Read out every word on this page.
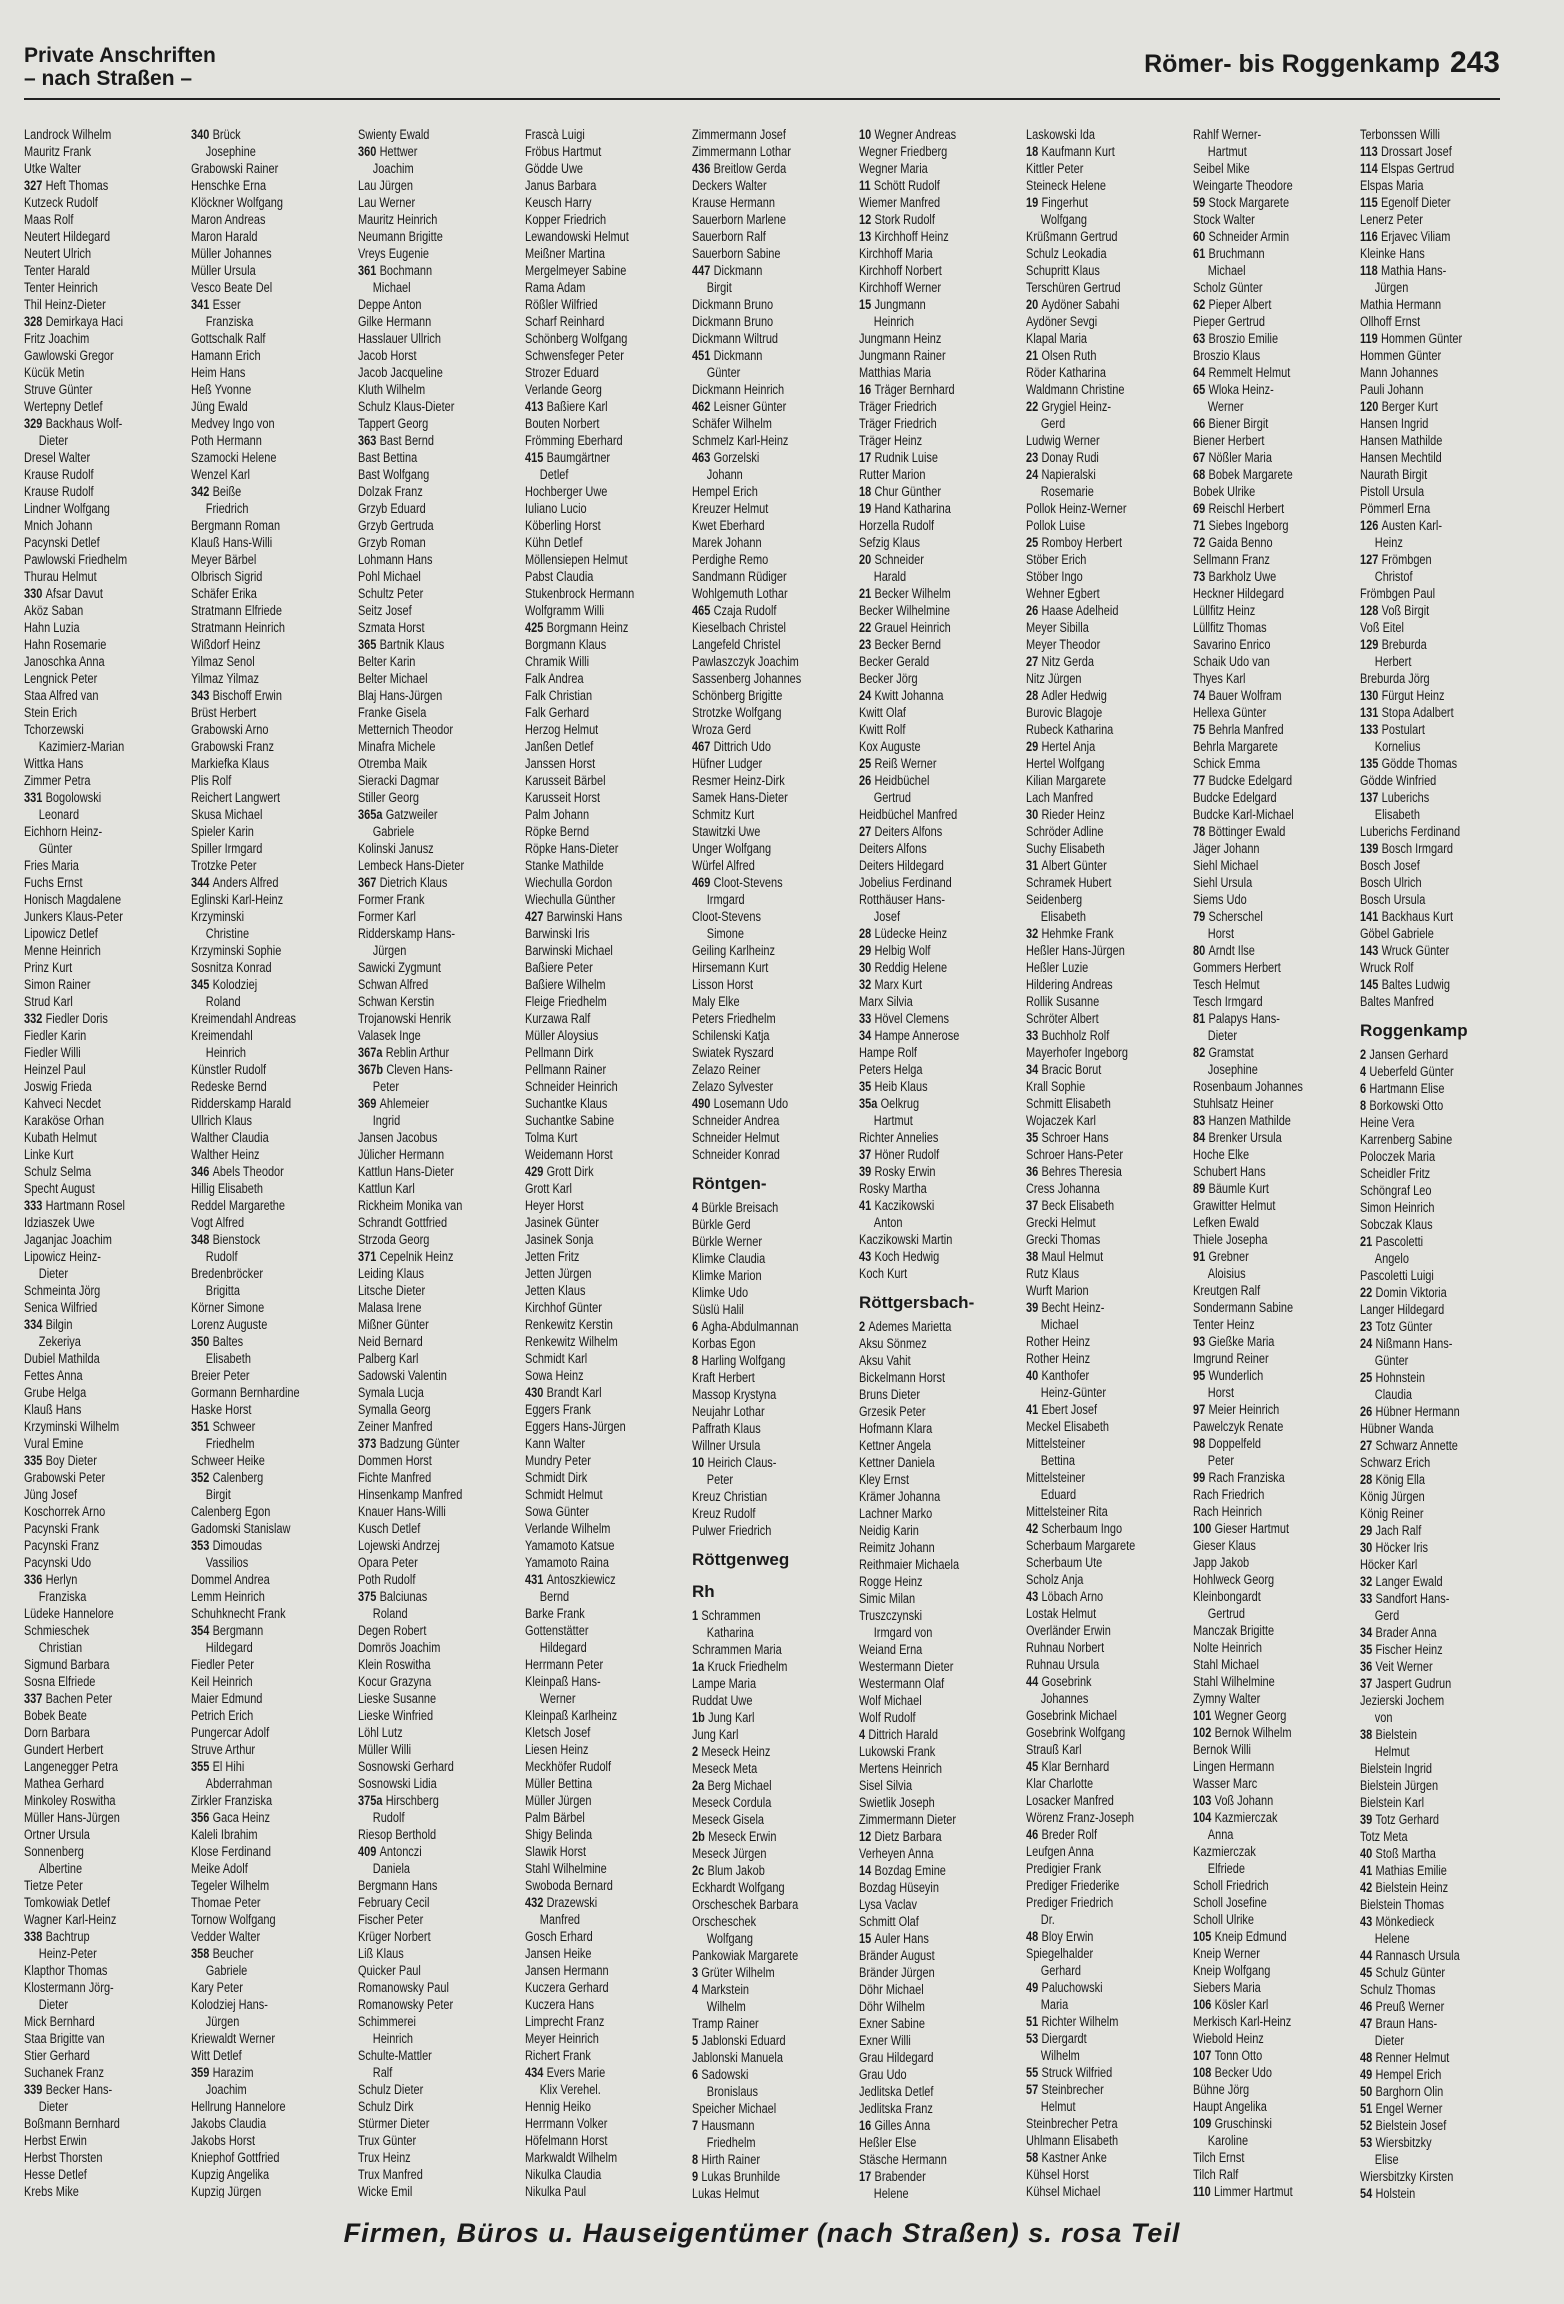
Private Anschriften
– nach Straßen –
Römer- bis Roggenkamp 243
Landrock Wilhelm
Mauritz Frank
Utke Walter
327 Heft Thomas
Kutzeck Rudolf
Maas Rolf
Neutert Hildegard
Neutert Ulrich
Tenter Harald
Tenter Heinrich
Thil Heinz-Dieter
328 Demirkaya Haci
Fritz Joachim
Gawlowski Gregor
Kücük Metin
Struve Günter
Wertepny Detlef
329 Backhaus Wolf-
Dieter
Dresel Walter
Krause Rudolf
Krause Rudolf
Lindner Wolfgang
Mnich Johann
Pacynski Detlef
Pawlowski Friedhelm
Thurau Helmut
330 Afsar Davut
Aköz Saban
Hahn Luzia
Hahn Rosemarie
Janoschka Anna
Lengnick Peter
Staa Alfred van
Stein Erich
Tchorzewski
Kazimierz-Marian
Wittka Hans
Zimmer Petra
331 Bogolowski
Leonard
Eichhorn Heinz-
Günter
Fries Maria
Fuchs Ernst
Honisch Magdalene
Junkers Klaus-Peter
Lipowicz Detlef
Menne Heinrich
Prinz Kurt
Simon Rainer
Strud Karl
332 Fiedler Doris
Fiedler Karin
Fiedler Willi
Heinzel Paul
Joswig Frieda
Kahveci Necdet
Karaköse Orhan
Kubath Helmut
Linke Kurt
Schulz Selma
Specht August
333 Hartmann Rosel
Idziaszek Uwe
Jaganjac Joachim
Lipowicz Heinz-
Dieter
Schmeinta Jörg
Senica Wilfried
334 Bilgin
Zekeriya
Dubiel Mathilda
Fettes Anna
Grube Helga
Klauß Hans
Krzyminski Wilhelm
Vural Emine
335 Boy Dieter
Grabowski Peter
Jüng Josef
Koschorrek Arno
Pacynski Frank
Pacynski Franz
Pacynski Udo
336 Herlyn
Franziska
Lüdeke Hannelore
Schmieschek
Christian
Sigmund Barbara
Sosna Elfriede
337 Bachen Peter
Bobek Beate
Dorn Barbara
Gundert Herbert
Langenegger Petra
Mathea Gerhard
Minkoley Roswitha
Müller Hans-Jürgen
Ortner Ursula
Sonnenberg
Albertine
Tietze Peter
Tomkowiak Detlef
Wagner Karl-Heinz
338 Bachtrup
Heinz-Peter
Klapthor Thomas
Klostermann Jörg-
Dieter
Mick Bernhard
Staa Brigitte van
Stier Gerhard
Suchanek Franz
339 Becker Hans-
Dieter
Boßmann Bernhard
Herbst Erwin
Herbst Thorsten
Hesse Detlef
Krebs Mike
340 Brück
Josephine
Grabowski Rainer
Henschke Erna
Klöckner Wolfgang
Maron Andreas
Maron Harald
Müller Johannes
Müller Ursula
Vesco Beate Del
341 Esser
Franziska
Gottschalk Ralf
Hamann Erich
Heim Hans
Heß Yvonne
Jüng Ewald
Medvey Ingo von
Poth Hermann
Szamocki Helene
Wenzel Karl
342 Beiße
Friedrich
Bergmann Roman
Klauß Hans-Willi
Meyer Bärbel
Olbrisch Sigrid
Schäfer Erika
Stratmann Elfriede
Stratmann Heinrich
Wißdorf Heinz
Yilmaz Senol
Yilmaz Yilmaz
343 Bischoff Erwin
Brüst Herbert
Grabowski Arno
Grabowski Franz
Markiefka Klaus
Plis Rolf
Reichert Langwert
Skusa Michael
Spieler Karin
Spiller Irmgard
Trotzke Peter
344 Anders Alfred
Eglinski Karl-Heinz
Krzyminski
Christine
Krzyminski Sophie
Sosnitza Konrad
345 Kolodziej
Roland
Kreimendahl Andreas
Kreimendahl
Heinrich
Künstler Rudolf
Redeske Bernd
Ridderskamp Harald
Ullrich Klaus
Walther Claudia
Walther Heinz
346 Abels Theodor
Hillig Elisabeth
Reddel Margarethe
Vogt Alfred
348 Bienstock
Rudolf
Bredenbröcker
Brigitta
Körner Simone
Lorenz Auguste
350 Baltes
Elisabeth
Breier Peter
Gormann Bernhardine
Haske Horst
351 Schweer
Friedhelm
Schweer Heike
352 Calenberg
Birgit
Calenberg Egon
Gadomski Stanislaw
353 Dimoudas
Vassilios
Dommel Andrea
Lemm Heinrich
Schuhknecht Frank
354 Bergmann
Hildegard
Fiedler Peter
Keil Heinrich
Maier Edmund
Petrich Erich
Pungercar Adolf
Struve Arthur
355 El Hihi
Abderrahman
Zirkler Franziska
356 Gaca Heinz
Kaleli Ibrahim
Klose Ferdinand
Meike Adolf
Tegeler Wilhelm
Thomae Peter
Tornow Wolfgang
Vedder Walter
358 Beucher
Gabriele
Kary Peter
Kolodziej Hans-
Jürgen
Kriewaldt Werner
Witt Detlef
359 Harazim
Joachim
Hellrung Hannelore
Jakobs Claudia
Jakobs Horst
Kniephof Gottfried
Kupzig Angelika
Kupzig Jürgen
Swienty Ewald
360 Hettwer
Joachim
Lau Jürgen
Lau Werner
Mauritz Heinrich
Neumann Brigitte
Vreys Eugenie
361 Bochmann
Michael
Deppe Anton
Gilke Hermann
Hasslauer Ullrich
Jacob Horst
Jacob Jacqueline
Kluth Wilhelm
Schulz Klaus-Dieter
Tappert Georg
363 Bast Bernd
Bast Bettina
Bast Wolfgang
Dolzak Franz
Grzyb Eduard
Grzyb Gertruda
Grzyb Roman
Lohmann Hans
Pohl Michael
Schultz Peter
Seitz Josef
Szmata Horst
365 Bartnik Klaus
Belter Karin
Belter Michael
Blaj Hans-Jürgen
Franke Gisela
Metternich Theodor
Minafra Michele
Otremba Maik
Sieracki Dagmar
Stiller Georg
365a Gatzweiler
Gabriele
Kolinski Janusz
Lembeck Hans-Dieter
367 Dietrich Klaus
Former Frank
Former Karl
Ridderskamp Hans-
Jürgen
Sawicki Zygmunt
Schwan Alfred
Schwan Kerstin
Trojanowski Henrik
Valasek Inge
367a Reblin Arthur
367b Cleven Hans-
Peter
369 Ahlemeier
Ingrid
Jansen Jacobus
Jülicher Hermann
Kattlun Hans-Dieter
Kattlun Karl
Rickheim Monika van
Schrandt Gottfried
Strzoda Georg
371 Cepelnik Heinz
Leiding Klaus
Litsche Dieter
Malasa Irene
Mißner Günter
Neid Bernard
Palberg Karl
Sadowski Valentin
Symala Lucja
Symalla Georg
Zeiner Manfred
373 Badzung Günter
Dommen Horst
Fichte Manfred
Hinsenkamp Manfred
Knauer Hans-Willi
Kusch Detlef
Lojewski Andrzej
Opara Peter
Poth Rudolf
375 Balciunas
Roland
Degen Robert
Domrös Joachim
Klein Roswitha
Kocur Grazyna
Lieske Susanne
Lieske Winfried
Löhl Lutz
Müller Willi
Sosnowski Gerhard
Sosnowski Lidia
375a Hirschberg
Rudolf
Riesop Berthold
409 Antonczi
Daniela
Bergmann Hans
February Cecil
Fischer Peter
Krüger Norbert
Liß Klaus
Quicker Paul
Romanowsky Paul
Romanowsky Peter
Schimmerei
Heinrich
Schulte-Mattler
Ralf
Schulz Dieter
Schulz Dirk
Stürmer Dieter
Trux Günter
Trux Heinz
Trux Manfred
Wicke Emil
Frascà Luigi
Fröbus Hartmut
Gödde Uwe
Janus Barbara
Keusch Harry
Kopper Friedrich
Lewandowski Helmut
Meißner Martina
Mergelmeyer Sabine
Rama Adam
Rößler Wilfried
Scharf Reinhard
Schönberg Wolfgang
Schwensfeger Peter
Strozer Eduard
Verlande Georg
413 Baßiere Karl
Bouten Norbert
Frömming Eberhard
415 Baumgärtner
Detlef
Hochberger Uwe
Iuliano Lucio
Köberling Horst
Kühn Detlef
Möllensiepen Helmut
Pabst Claudia
Stukenbrock Hermann
Wolfgramm Willi
425 Borgmann Heinz
Borgmann Klaus
Chramik Willi
Falk Andrea
Falk Christian
Falk Gerhard
Herzog Helmut
Janßen Detlef
Janssen Horst
Karusseit Bärbel
Karusseit Horst
Palm Johann
Röpke Bernd
Röpke Hans-Dieter
Stanke Mathilde
Wiechulla Gordon
Wiechulla Günther
427 Barwinski Hans
Barwinski Iris
Barwinski Michael
Baßiere Peter
Baßiere Wilhelm
Fleige Friedhelm
Kurzawa Ralf
Müller Aloysius
Pellmann Dirk
Pellmann Rainer
Schneider Heinrich
Suchantke Klaus
Suchantke Sabine
Tolma Kurt
Weidemann Horst
429 Grott Dirk
Grott Karl
Heyer Horst
Jasinek Günter
Jasinek Sonja
Jetten Fritz
Jetten Jürgen
Jetten Klaus
Kirchhof Günter
Renkewitz Kerstin
Renkewitz Wilhelm
Schmidt Karl
Sowa Heinz
430 Brandt Karl
Eggers Frank
Eggers Hans-Jürgen
Kann Walter
Mundry Peter
Schmidt Dirk
Schmidt Helmut
Sowa Günter
Verlande Wilhelm
Yamamoto Katsue
Yamamoto Raina
431 Antoszkiewicz
Bernd
Barke Frank
Gottenstätter
Hildegard
Herrmann Peter
Kleinpaß Hans-
Werner
Kleinpaß Karlheinz
Kletsch Josef
Liesen Heinz
Meckhöfer Rudolf
Müller Bettina
Müller Jürgen
Palm Bärbel
Shigy Belinda
Slawik Horst
Stahl Wilhelmine
Swoboda Bernard
432 Drazewski
Manfred
Gosch Erhard
Jansen Heike
Jansen Hermann
Kuczera Gerhard
Kuczera Hans
Limprecht Franz
Meyer Heinrich
Richert Frank
434 Evers Marie
Klix Verehel.
Hennig Heiko
Herrmann Volker
Höfelmann Horst
Markwaldt Wilhelm
Nikulka Claudia
Nikulka Paul
Zimmermann Josef
Zimmermann Lothar
436 Breitlow Gerda
Deckers Walter
Krause Hermann
Sauerborn Marlene
Sauerborn Ralf
Sauerborn Sabine
447 Dickmann
Birgit
Dickmann Bruno
Dickmann Bruno
Dickmann Wiltrud
451 Dickmann
Günter
Dickmann Heinrich
462 Leisner Günter
Schäfer Wilhelm
Schmelz Karl-Heinz
463 Gorzelski
Johann
Hempel Erich
Kreuzer Helmut
Kwet Eberhard
Marek Johann
Perdighe Remo
Sandmann Rüdiger
Wohlgemuth Lothar
465 Czaja Rudolf
Kieselbach Christel
Langefeld Christel
Pawlaszczyk Joachim
Sassenberg Johannes
Schönberg Brigitte
Strotzke Wolfgang
Wroza Gerd
467 Dittrich Udo
Hüfner Ludger
Resmer Heinz-Dirk
Samek Hans-Dieter
Schmitz Kurt
Stawitzki Uwe
Unger Wolfgang
Würfel Alfred
469 Cloot-Stevens
Irmgard
Cloot-Stevens
Simone
Geiling Karlheinz
Hirsemann Kurt
Lisson Horst
Maly Elke
Peters Friedhelm
Schilenski Katja
Swiatek Ryszard
Zelazo Reiner
Zelazo Sylvester
490 Losemann Udo
Schneider Andrea
Schneider Helmut
Schneider Konrad
Röntgen-
4 Bürkle Breisach
Bürkle Gerd
Bürkle Werner
Klimke Claudia
Klimke Marion
Klimke Udo
Süslü Halil
6 Agha-Abdulmannan
Korbas Egon
8 Harling Wolfgang
Kraft Herbert
Massop Krystyna
Neujahr Lothar
Paffrath Klaus
Willner Ursula
10 Heirich Claus-
Peter
Kreuz Christian
Kreuz Rudolf
Pulwer Friedrich
Röttgenweg
Rh
1 Schrammen
Katharina
Schrammen Maria
1a Kruck Friedhelm
Lampe Maria
Ruddat Uwe
1b Jung Karl
Jung Karl
2 Meseck Heinz
Meseck Meta
2a Berg Michael
Meseck Cordula
Meseck Gisela
2b Meseck Erwin
Meseck Jürgen
2c Blum Jakob
Eckhardt Wolfgang
Orscheschek Barbara
Orscheschek
Wolfgang
Pankowiak Margarete
3 Grüter Wilhelm
4 Markstein
Wilhelm
Tramp Rainer
5 Jablonski Eduard
Jablonski Manuela
6 Sadowski
Bronislaus
Speicher Michael
7 Hausmann
Friedhelm
8 Hirth Rainer
9 Lukas Brunhilde
Lukas Helmut
10 Wegner Andreas
Wegner Friedberg
Wegner Maria
11 Schött Rudolf
Wiemer Manfred
12 Stork Rudolf
13 Kirchhoff Heinz
Kirchhoff Maria
Kirchhoff Norbert
Kirchhoff Werner
15 Jungmann
Heinrich
Jungmann Heinz
Jungmann Rainer
Matthias Maria
16 Träger Bernhard
Träger Friedrich
Träger Friedrich
Träger Heinz
17 Rudnik Luise
Rutter Marion
18 Chur Günther
19 Hand Katharina
Horzella Rudolf
Sefzig Klaus
20 Schneider
Harald
21 Becker Wilhelm
Becker Wilhelmine
22 Grauel Heinrich
23 Becker Bernd
Becker Gerald
Becker Jörg
24 Kwitt Johanna
Kwitt Olaf
Kwitt Rolf
Kox Auguste
25 Reiß Werner
26 Heidbüchel
Gertrud
Heidbüchel Manfred
27 Deiters Alfons
Deiters Alfons
Deiters Hildegard
Jobelius Ferdinand
Rotthäuser Hans-
Josef
28 Lüdecke Heinz
29 Helbig Wolf
30 Reddig Helene
32 Marx Kurt
Marx Silvia
33 Hövel Clemens
34 Hampe Annerose
Hampe Rolf
Peters Helga
35 Heib Klaus
35a Oelkrug
Hartmut
Richter Annelies
37 Höner Rudolf
39 Rosky Erwin
Rosky Martha
41 Kaczikowski
Anton
Kaczikowski Martin
43 Koch Hedwig
Koch Kurt
Röttgersbach-
2 Ademes Marietta
Aksu Sönmez
Aksu Vahit
Bickelmann Horst
Bruns Dieter
Grzesik Peter
Hofmann Klara
Kettner Angela
Kettner Daniela
Kley Ernst
Krämer Johanna
Lachner Marko
Neidig Karin
Reimitz Johann
Reithmaier Michaela
Rogge Heinz
Simic Milan
Truszczynski
Irmgard von
Weiand Erna
Westermann Dieter
Westermann Olaf
Wolf Michael
Wolf Rudolf
4 Dittrich Harald
Lukowski Frank
Mertens Heinrich
Sisel Silvia
Swietlik Joseph
Zimmermann Dieter
12 Dietz Barbara
Verheyen Anna
14 Bozdag Emine
Bozdag Hüseyin
Lysa Vaclav
Schmitt Olaf
15 Auler Hans
Bränder August
Bränder Jürgen
Döhr Michael
Döhr Wilhelm
Exner Sabine
Exner Willi
Grau Hildegard
Grau Udo
Jedlitska Detlef
Jedlitska Franz
16 Gilles Anna
Heßler Else
Stäsche Hermann
17 Brabender
Helene
Laskowski Ida
18 Kaufmann Kurt
Kittler Peter
Steineck Helene
19 Fingerhut
Wolfgang
Krüßmann Gertrud
Schulz Leokadia
Schupritt Klaus
Terschüren Gertrud
20 Aydöner Sabahi
Aydöner Sevgi
Klapal Maria
21 Olsen Ruth
Röder Katharina
Waldmann Christine
22 Grygiel Heinz-
Gerd
Ludwig Werner
23 Donay Rudi
24 Napieralski
Rosemarie
Pollok Heinz-Werner
Pollok Luise
25 Romboy Herbert
Stöber Erich
Stöber Ingo
Wehner Egbert
26 Haase Adelheid
Meyer Sibilla
Meyer Theodor
27 Nitz Gerda
Nitz Jürgen
28 Adler Hedwig
Burovic Blagoje
Rubeck Katharina
29 Hertel Anja
Hertel Wolfgang
Kilian Margarete
Lach Manfred
30 Rieder Heinz
Schröder Adline
Suchy Elisabeth
31 Albert Günter
Schramek Hubert
Seidenberg
Elisabeth
32 Hehmke Frank
Heßler Hans-Jürgen
Heßler Luzie
Hildering Andreas
Rollik Susanne
Schröter Albert
33 Buchholz Rolf
Mayerhofer Ingeborg
34 Bracic Borut
Krall Sophie
Schmitt Elisabeth
Wojaczek Karl
35 Schroer Hans
Schroer Hans-Peter
36 Behres Theresia
Cress Johanna
37 Beck Elisabeth
Grecki Helmut
Grecki Thomas
38 Maul Helmut
Rutz Klaus
Wurft Marion
39 Becht Heinz-
Michael
Rother Heinz
Rother Heinz
40 Kanthofer
Heinz-Günter
41 Ebert Josef
Meckel Elisabeth
Mittelsteiner
Bettina
Mittelsteiner
Eduard
Mittelsteiner Rita
42 Scherbaum Ingo
Scherbaum Margarete
Scherbaum Ute
Scholz Anja
43 Löbach Arno
Lostak Helmut
Overländer Erwin
Ruhnau Norbert
Ruhnau Ursula
44 Gosebrink
Johannes
Gosebrink Michael
Gosebrink Wolfgang
Strauß Karl
45 Klar Bernhard
Klar Charlotte
Losacker Manfred
Wörenz Franz-Joseph
46 Breder Rolf
Leufgen Anna
Predigier Frank
Prediger Friederike
Prediger Friedrich
Dr.
48 Bloy Erwin
Spiegelhalder
Gerhard
49 Paluchowski
Maria
51 Richter Wilhelm
53 Diergardt
Wilhelm
55 Struck Wilfried
57 Steinbrecher
Helmut
Steinbrecher Petra
Uhlmann Elisabeth
58 Kastner Anke
Kühsel Horst
Kühsel Michael
Rahlf Werner-
Hartmut
Seibel Mike
Weingarte Theodore
59 Stock Margarete
Stock Walter
60 Schneider Armin
61 Bruchmann
Michael
Scholz Günter
62 Pieper Albert
Pieper Gertrud
63 Broszio Emilie
Broszio Klaus
64 Remmelt Helmut
65 Wloka Heinz-
Werner
66 Biener Birgit
Biener Herbert
67 Nößler Maria
68 Bobek Margarete
Bobek Ulrike
69 Reischl Herbert
71 Siebes Ingeborg
72 Gaida Benno
Sellmann Franz
73 Barkholz Uwe
Heckner Hildegard
Lüllfitz Heinz
Lüllfitz Thomas
Savarino Enrico
Schaik Udo van
Thyes Karl
74 Bauer Wolfram
Hellexa Günter
75 Behrla Manfred
Behrla Margarete
Schick Emma
77 Budcke Edelgard
Budcke Edelgard
Budcke Karl-Michael
78 Böttinger Ewald
Jäger Johann
Siehl Michael
Siehl Ursula
Siems Udo
79 Scherschel
Horst
80 Arndt Ilse
Gommers Herbert
Tesch Helmut
Tesch Irmgard
81 Palapys Hans-
Dieter
82 Gramstat
Josephine
Rosenbaum Johannes
Stuhlsatz Heiner
83 Hanzen Mathilde
84 Brenker Ursula
Hoche Elke
Schubert Hans
89 Bäumle Kurt
Grawitter Helmut
Lefken Ewald
Thiele Josepha
91 Grebner
Aloisius
Kreutgen Ralf
Sondermann Sabine
Tenter Heinz
93 Gießke Maria
Imgrund Reiner
95 Wunderlich
Horst
97 Meier Heinrich
Pawelczyk Renate
98 Doppelfeld
Peter
99 Rach Franziska
Rach Friedrich
Rach Heinrich
100 Gieser Hartmut
Gieser Klaus
Japp Jakob
Hohlweck Georg
Kleinbongardt
Gertrud
Manczak Brigitte
Nolte Heinrich
Stahl Michael
Stahl Wilhelmine
Zymny Walter
101 Wegner Georg
102 Bernok Wilhelm
Bernok Willi
Lingen Hermann
Wasser Marc
103 Voß Johann
104 Kazmierczak
Anna
Kazmierczak
Elfriede
Scholl Friedrich
Scholl Josefine
Scholl Ulrike
105 Kneip Edmund
Kneip Werner
Kneip Wolfgang
Siebers Maria
106 Kösler Karl
Merkisch Karl-Heinz
Wiebold Heinz
107 Tonn Otto
108 Becker Udo
Bühne Jörg
Haupt Angelika
109 Gruschinski
Karoline
Tilch Ernst
Tilch Ralf
110 Limmer Hartmut
Terbonssen Willi
113 Drossart Josef
114 Elspas Gertrud
Elspas Maria
115 Egenolf Dieter
Lenerz Peter
116 Erjavec Viliam
Kleinke Hans
118 Mathia Hans-
Jürgen
Mathia Hermann
Ollhoff Ernst
119 Hommen Günter
Hommen Günter
Mann Johannes
Pauli Johann
120 Berger Kurt
Hansen Ingrid
Hansen Mathilde
Hansen Mechtild
Naurath Birgit
Pistoll Ursula
Pömmerl Erna
126 Austen Karl-
Heinz
127 Frömbgen
Christof
Frömbgen Paul
128 Voß Birgit
Voß Eitel
129 Breburda
Herbert
Breburda Jörg
130 Fürgut Heinz
131 Stopa Adalbert
133 Postulart
Kornelius
135 Gödde Thomas
Gödde Winfried
137 Luberichs
Elisabeth
Luberichs Ferdinand
139 Bosch Irmgard
Bosch Josef
Bosch Ulrich
Bosch Ursula
141 Backhaus Kurt
Göbel Gabriele
143 Wruck Günter
Wruck Rolf
145 Baltes Ludwig
Baltes Manfred
Roggenkamp
2 Jansen Gerhard
4 Ueberfeld Günter
6 Hartmann Elise
8 Borkowski Otto
Heine Vera
Karrenberg Sabine
Poloczek Maria
Scheidler Fritz
Schöngraf Leo
Simon Heinrich
Sobczak Klaus
21 Pascoletti
Angelo
Pascoletti Luigi
22 Domin Viktoria
Langer Hildegard
23 Totz Günter
24 Nißmann Hans-
Günter
25 Hohnstein
Claudia
26 Hübner Hermann
Hübner Wanda
27 Schwarz Annette
Schwarz Erich
28 König Ella
König Jürgen
König Reiner
29 Jach Ralf
30 Höcker Iris
Höcker Karl
32 Langer Ewald
33 Sandfort Hans-
Gerd
34 Brader Anna
35 Fischer Heinz
36 Veit Werner
37 Jaspert Gudrun
Jezierski Jochem
von
38 Bielstein
Helmut
Bielstein Ingrid
Bielstein Jürgen
Bielstein Karl
39 Totz Gerhard
Totz Meta
40 Stoß Martha
41 Mathias Emilie
42 Bielstein Heinz
Bielstein Thomas
43 Mönkedieck
Helene
44 Rannasch Ursula
45 Schulz Günter
Schulz Thomas
46 Preuß Werner
47 Braun Hans-
Dieter
48 Renner Helmut
49 Hempel Erich
50 Barghorn Olin
51 Engel Werner
52 Bielstein Josef
53 Wiersbitzky
Elise
Wiersbitzky Kirsten
54 Holstein
Firmen, Büros u. Hauseigentümer (nach Straßen) s. rosa Teil
